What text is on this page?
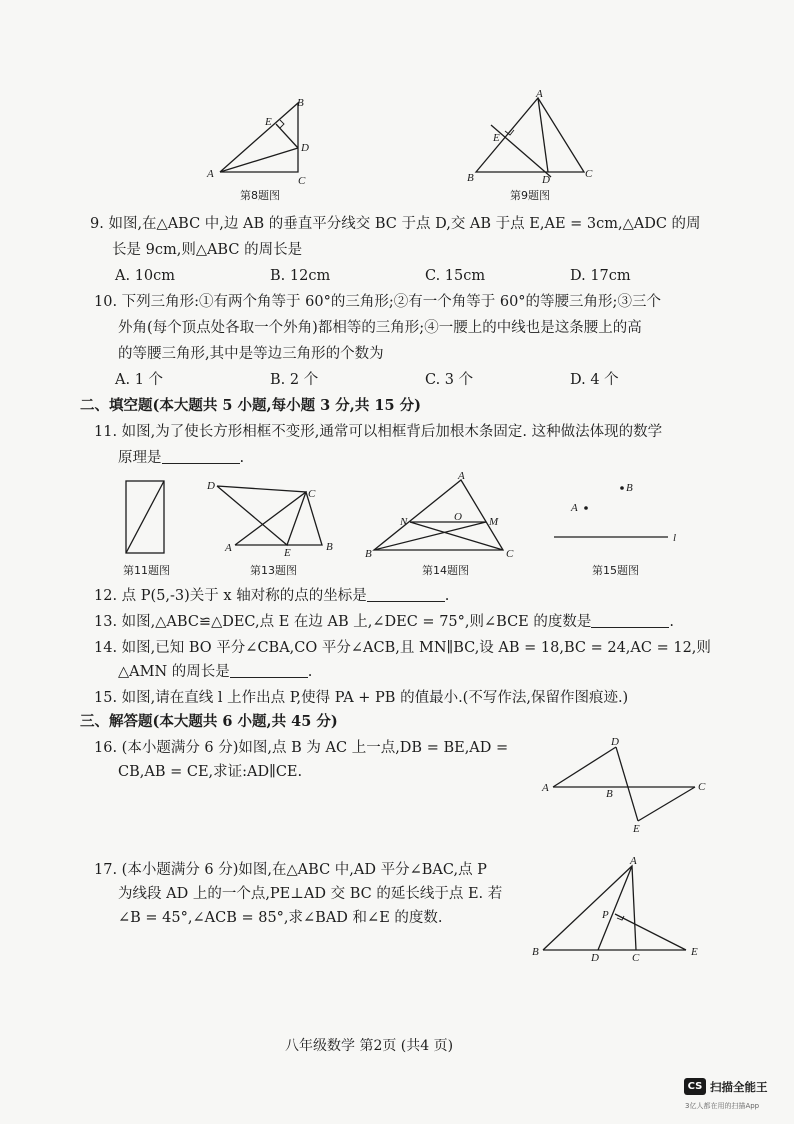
B
E
D
A
C
第8题图
A
E
B	D	C
第9题图
第11题图
D
C
A	E	B
第13题图
A
N	O M
B	C
第14题图
B
A
l
第15题图
D
A	B
C
E
A
P
B	D	C	E
9. 如图,在△ABC 中,边 AB 的垂直平分线交 BC 于点 D,交 AB 于点 E,AE = 3cm,△ADC 的周
长是 9cm,则△ABC 的周长是
A. 10cm	B. 12cm	C. 15cm	D. 17cm
10. 下列三角形:①有两个角等于 60°的三角形;②有一个角等于 60°的等腰三角形;③三个
外角(每个顶点处各取一个外角)都相等的三角形;④一腰上的中线也是这条腰上的高
的等腰三角形,其中是等边三角形的个数为
A. 1 个	B. 2 个	C. 3 个	D. 4 个
二、填空题(本大题共 5 小题,每小题 3 分,共 15 分)
11. 如图,为了使长方形相框不变形,通常可以相框背后加根木条固定. 这种做法体现的数学
原理是	.
12. 点 P(5,-3)关于 x 轴对称的点的坐标是	.
13. 如图,△ABC≌△DEC,点 E 在边 AB 上,∠DEC = 75°,则∠BCE 的度数是	.
14. 如图,已知 BO 平分∠CBA,CO 平分∠ACB,且 MN∥BC,设 AB = 18,BC = 24,AC = 12,则
△AMN 的周长是	.
15. 如图,请在直线 l 上作出点 P,使得 PA + PB 的值最小.(不写作法,保留作图痕迹.)
三、解答题(本大题共 6 小题,共 45 分)
16. (本小题满分 6 分)如图,点 B 为 AC 上一点,DB = BE,AD =
CB,AB = CE,求证:AD∥CE.
17. (本小题满分 6 分)如图,在△ABC 中,AD 平分∠BAC,点 P
为线段 AD 上的一个点,PE⊥AD 交 BC 的延长线于点 E. 若
∠B = 45°,∠ACB = 85°,求∠BAD 和∠E 的度数.
八年级数学 第2页 (共4 页)
CS 扫描全能王
3亿人都在用的扫描App
